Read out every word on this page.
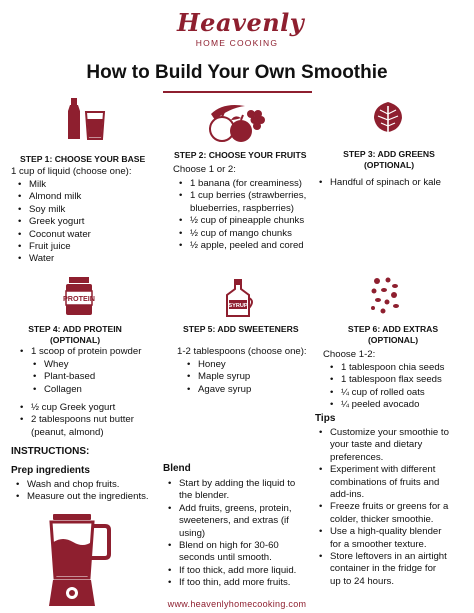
Heavenly
HOME COOKING
How to Build Your Own Smoothie
STEP 1: CHOOSE YOUR BASE
1 cup of liquid (choose one):
• Milk
• Almond milk
• Soy milk
• Greek yogurt
• Coconut water
• Fruit juice
• Water
STEP 2: CHOOSE YOUR FRUITS
Choose 1 or 2:
• 1 banana (for creaminess)
• 1 cup berries (strawberries,
blueberries, raspberries)
• ½ cup of pineapple chunks
• ½ cup of mango chunks
• ½ apple, peeled and cored
STEP 3: ADD GREENS
(OPTIONAL)
• Handful of spinach or kale
PROTEIN
SYRUP
STEP 4: ADD PROTEIN
(OPTIONAL)
• 1 scoop of protein powder
• Whey
• Plant-based
• Collagen
• ½ cup Greek yogurt
• 2 tablespoons nut butter
(peanut, almond)
STEP 5: ADD SWEETENERS
1-2 tablespoons (choose one):
• Honey
• Maple syrup
• Agave syrup
STEP 6: ADD EXTRAS
(OPTIONAL)
Choose 1-2:
• 1 tablespoon chia seeds
• 1 tablespoon flax seeds
• ¼ cup of rolled oats
• ¼ peeled avocado
INSTRUCTIONS:
Prep ingredients
• Wash and chop fruits.
• Measure out the ingredients.
Blend
• Start by adding the liquid to
the blender.
• Add fruits, greens, protein,
sweeteners, and extras (if
using)
• Blend on high for 30-60
seconds until smooth.
• If too thick, add more liquid.
• If too thin, add more fruits.
Tips
• Customize your smoothie to
your taste and dietary
preferences.
• Experiment with different
combinations of fruits and
add-ins.
• Freeze fruits or greens for a
colder, thicker smoothie.
• Use a high-quality blender
for a smoother texture.
• Store leftovers in an airtight
container in the fridge for
up to 24 hours.
www.heavenlyhomecooking.com
